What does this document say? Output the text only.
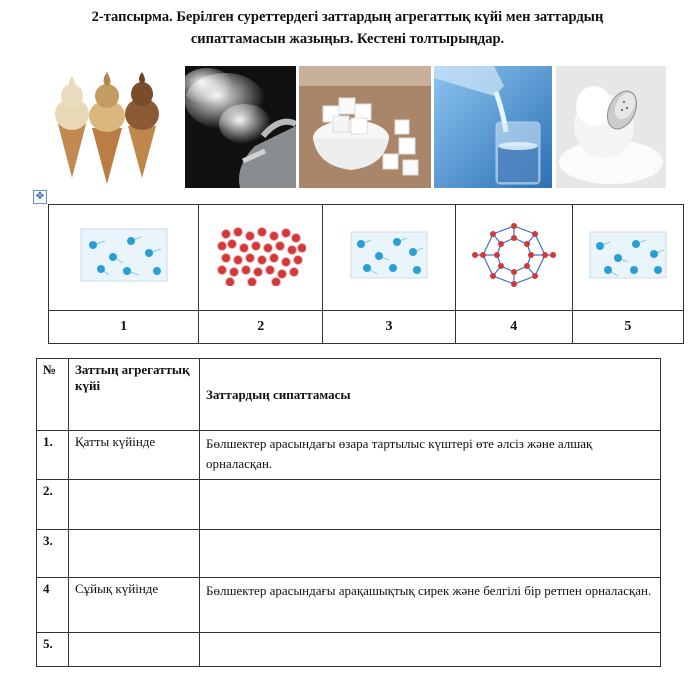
2-тапсырма. Берілген суреттердегі заттардың агрегаттық күйі мен заттардың
сипаттамасын жазыңыз. Кестені толтырыңдар.
✥

1	2	3	4	5
№	Заттың агрегаттық күйі	Заттардың сипаттамасы
1.	Қатты күйінде	Бөлшектер арасындағы өзара тартылыс күштері өте әлсіз және алшақ орналасқан.
2.		
3.		
4	Сұйық күйінде	Бөлшектер арасындағы арақашықтық сирек және белгілі бір ретпен орналасқан.
5.		
